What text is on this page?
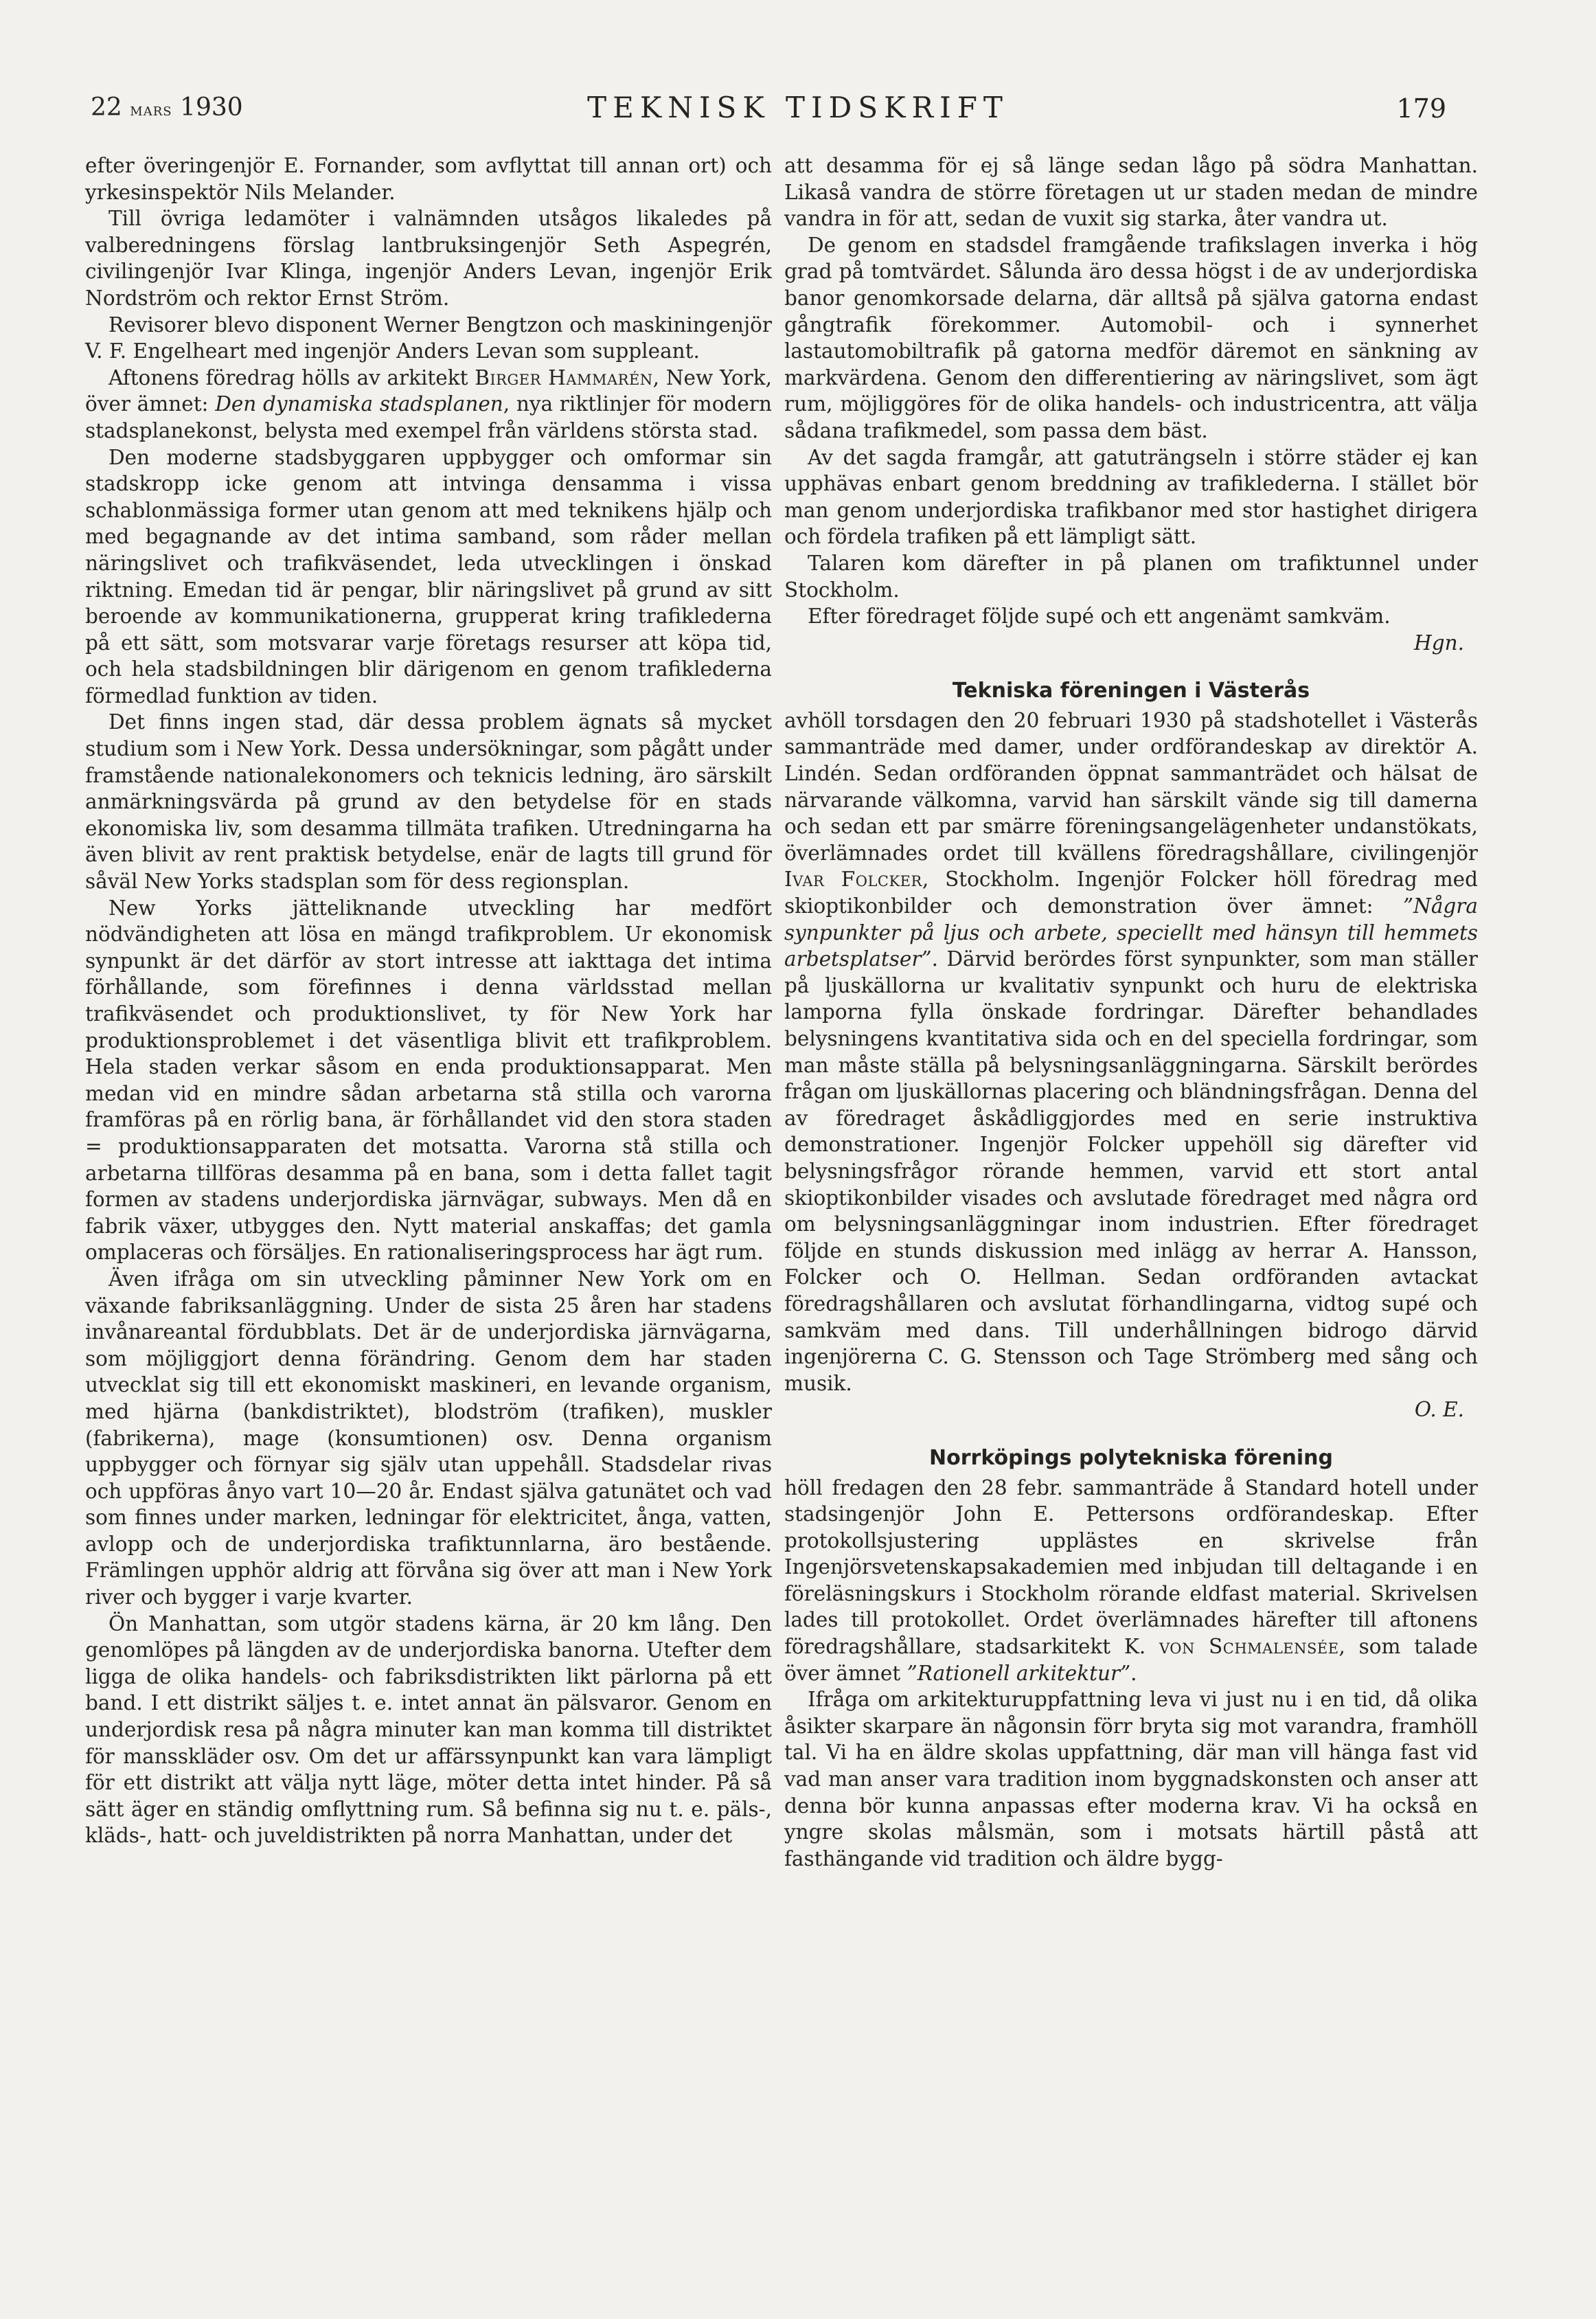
22 mars 1930	TEKNISK TIDSKRIFT	179

efter överingenjör E. Fornander, som avflyttat till annan ort) och yrkesinspektör Nils Melander.

Till övriga ledamöter i valnämnden utsågos likaledes på valberedningens förslag lantbruksingenjör Seth Aspegrén, civilingenjör Ivar Klinga, ingenjör Anders Levan, ingenjör Erik Nordström och rektor Ernst Ström.

Revisorer blevo disponent Werner Bengtzon och maskiningenjör V. F. Engelheart med ingenjör Anders Levan som suppleant.

Aftonens föredrag hölls av arkitekt Birger Hammarén, New York, över ämnet: Den dynamiska stadsplanen, nya riktlinjer för modern stadsplanekonst, belysta med exempel från världens största stad.

Den moderne stadsbyggaren uppbygger och omformar sin stadskropp icke genom att intvinga densamma i vissa schablonmässiga former utan genom att med teknikens hjälp och med begagnande av det intima samband, som råder mellan näringslivet och trafikväsendet, leda utvecklingen i önskad riktning. Emedan tid är pengar, blir näringslivet på grund av sitt beroende av kommunikationerna, grupperat kring trafiklederna på ett sätt, som motsvarar varje företags resurser att köpa tid, och hela stadsbildningen blir därigenom en genom trafiklederna förmedlad funktion av tiden.

Det finns ingen stad, där dessa problem ägnats så mycket studium som i New York. Dessa undersökningar, som pågått under framstående nationalekonomers och teknicis ledning, äro särskilt anmärkningsvärda på grund av den betydelse för en stads ekonomiska liv, som desamma tillmäta trafiken. Utredningarna ha även blivit av rent praktisk betydelse, enär de lagts till grund för såväl New Yorks stadsplan som för dess regionsplan.

New Yorks jätteliknande utveckling har medfört nödvändigheten att lösa en mängd trafikproblem. Ur ekonomisk synpunkt är det därför av stort intresse att iakttaga det intima förhållande, som förefinnes i denna världsstad mellan trafikväsendet och produktionslivet, ty för New York har produktionsproblemet i det väsentliga blivit ett trafikproblem. Hela staden verkar såsom en enda produktionsapparat. Men medan vid en mindre sådan arbetarna stå stilla och varorna framföras på en rörlig bana, är förhållandet vid den stora staden = produktionsapparaten det motsatta. Varorna stå stilla och arbetarna tillföras desamma på en bana, som i detta fallet tagit formen av stadens underjordiska järnvägar, subways. Men då en fabrik växer, utbygges den. Nytt material anskaffas; det gamla omplaceras och försäljes. En rationaliseringsprocess har ägt rum.

Även ifråga om sin utveckling påminner New York om en växande fabriksanläggning. Under de sista 25 åren har stadens invånareantal fördubblats. Det är de underjordiska järnvägarna, som möjliggjort denna förändring. Genom dem har staden utvecklat sig till ett ekonomiskt maskineri, en levande organism, med hjärna (bankdistriktet), blodström (trafiken), muskler (fabrikerna), mage (konsumtionen) osv. Denna organism uppbygger och förnyar sig själv utan uppehåll. Stadsdelar rivas och uppföras ånyo vart 10—20 år. Endast själva gatunätet och vad som finnes under marken, ledningar för elektricitet, ånga, vatten, avlopp och de underjordiska trafiktunnlarna, äro bestående. Främlingen upphör aldrig att förvåna sig över att man i New York river och bygger i varje kvarter.

Ön Manhattan, som utgör stadens kärna, är 20 km lång. Den genomlöpes på längden av de underjordiska banorna. Utefter dem ligga de olika handels- och fabriksdistrikten likt pärlorna på ett band. I ett distrikt säljes t. e. intet annat än pälsvaror. Genom en underjordisk resa på några minuter kan man komma till distriktet för mansskläder osv. Om det ur affärssynpunkt kan vara lämpligt för ett distrikt att välja nytt läge, möter detta intet hinder. På så sätt äger en ständig omflyttning rum. Så befinna sig nu t. e. päls-, kläds-, hatt- och juveldistrikten på norra Manhattan, under det

att desamma för ej så länge sedan lågo på södra Manhattan. Likaså vandra de större företagen ut ur staden medan de mindre vandra in för att, sedan de vuxit sig starka, åter vandra ut.

De genom en stadsdel framgående trafikslagen inverka i hög grad på tomtvärdet. Sålunda äro dessa högst i de av underjordiska banor genomkorsade delarna, där alltså på själva gatorna endast gångtrafik förekommer. Automobil- och i synnerhet lastautomobiltrafik på gatorna medför däremot en sänkning av markvärdena. Genom den differentiering av näringslivet, som ägt rum, möjliggöres för de olika handels- och industricentra, att välja sådana trafikmedel, som passa dem bäst.

Av det sagda framgår, att gatuträngseln i större städer ej kan upphävas enbart genom breddning av trafiklederna. I stället bör man genom underjordiska trafikbanor med stor hastighet dirigera och fördela trafiken på ett lämpligt sätt.

Talaren kom därefter in på planen om trafiktunnel under Stockholm.

Efter föredraget följde supé och ett angenämt samkväm.

Hgn.

Tekniska föreningen i Västerås

avhöll torsdagen den 20 februari 1930 på stadshotellet i Västerås sammanträde med damer, under ordförandeskap av direktör A. Lindén. Sedan ordföranden öppnat sammanträdet och hälsat de närvarande välkomna, varvid han särskilt vände sig till damerna och sedan ett par smärre föreningsangelägenheter undanstökats, överlämnades ordet till kvällens föredragshållare, civilingenjör Ivar Folcker, Stockholm. Ingenjör Folcker höll föredrag med skioptikonbilder och demonstration över ämnet: ”Några synpunkter på ljus och arbete, speciellt med hänsyn till hemmets arbetsplatser”. Därvid berördes först synpunkter, som man ställer på ljuskällorna ur kvalitativ synpunkt och huru de elektriska lamporna fylla önskade fordringar. Därefter behandlades belysningens kvantitativa sida och en del speciella fordringar, som man måste ställa på belysningsanläggningarna. Särskilt berördes frågan om ljuskällornas placering och bländningsfrågan. Denna del av föredraget åskådliggjordes med en serie instruktiva demonstrationer. Ingenjör Folcker uppehöll sig därefter vid belysningsfrågor rörande hemmen, varvid ett stort antal skioptikonbilder visades och avslutade föredraget med några ord om belysningsanläggningar inom industrien. Efter föredraget följde en stunds diskussion med inlägg av herrar A. Hansson, Folcker och O. Hellman. Sedan ordföranden avtackat föredragshållaren och avslutat förhandlingarna, vidtog supé och samkväm med dans. Till underhållningen bidrogo därvid ingenjörerna C. G. Stensson och Tage Strömberg med sång och musik.

O. E.

Norrköpings polytekniska förening

höll fredagen den 28 febr. sammanträde å Standard hotell under stadsingenjör John E. Pettersons ordförandeskap. Efter protokollsjustering upplästes en skrivelse från Ingenjörsvetenskapsakademien med inbjudan till deltagande i en föreläsningskurs i Stockholm rörande eldfast material. Skrivelsen lades till protokollet. Ordet överlämnades härefter till aftonens föredragshållare, stadsarkitekt K. von Schmalensée, som talade över ämnet ”Rationell arkitektur”.

Ifråga om arkitekturuppfattning leva vi just nu i en tid, då olika åsikter skarpare än någonsin förr bryta sig mot varandra, framhöll tal. Vi ha en äldre skolas uppfattning, där man vill hänga fast vid vad man anser vara tradition inom byggnadskonsten och anser att denna bör kunna anpassas efter moderna krav. Vi ha också en yngre skolas målsmän, som i motsats härtill påstå att fasthängande vid tradition och äldre bygg-
